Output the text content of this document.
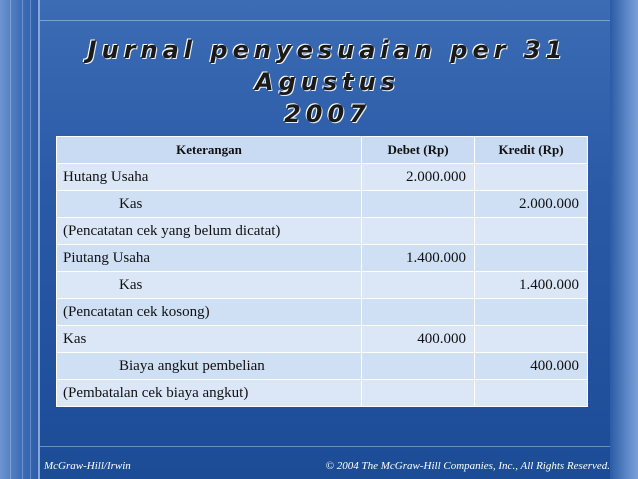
Jurnal penyesuaian per 31 Agustus
2007
Keterangan	Debet (Rp)	Kredit (Rp)
Hutang Usaha	2.000.000	
Kas		2.000.000
(Pencatatan cek yang belum dicatat)		
Piutang Usaha	1.400.000	
Kas		1.400.000
(Pencatatan cek kosong)		
Kas	400.000	
Biaya angkut pembelian		400.000
(Pembatalan cek biaya angkut)		
McGraw-Hill/Irwin	© 2004 The McGraw-Hill Companies, Inc., All Rights Reserved.
